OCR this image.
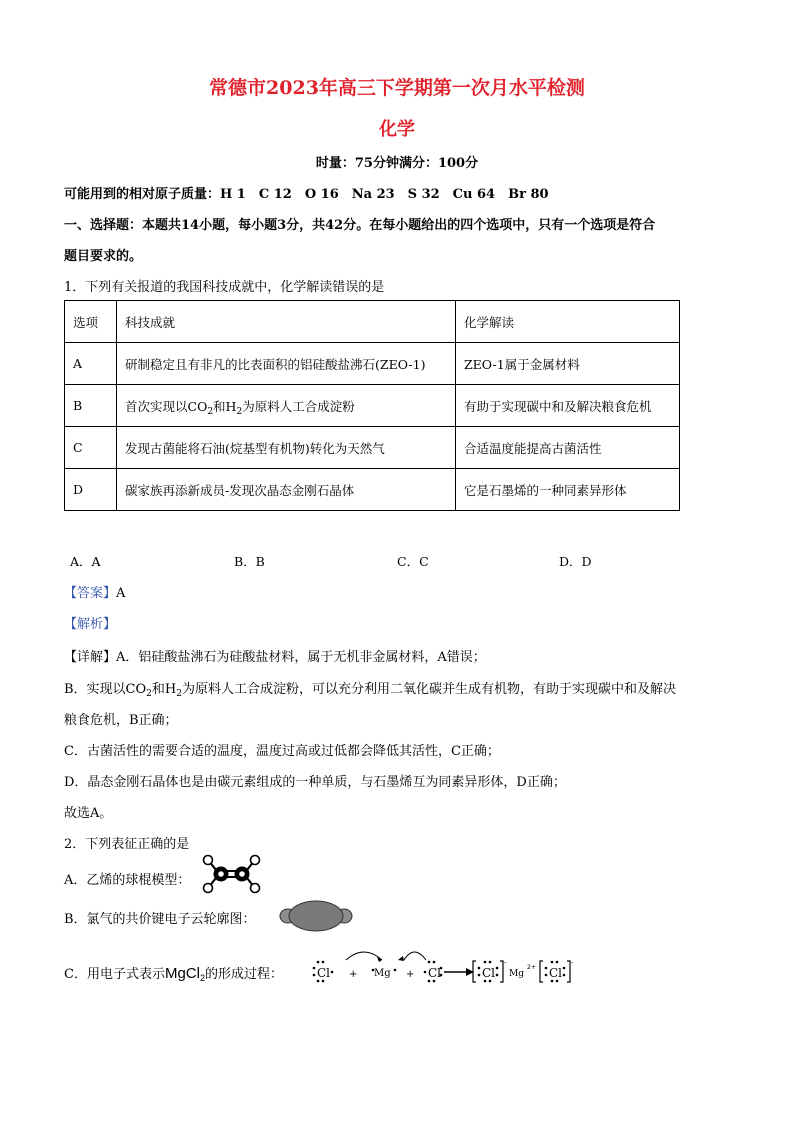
常德市2023年高三下学期第一次月水平检测
化学
时量：75分钟满分：100分
可能用到的相对原子质量：H 1　C 12　O 16　Na 23　S 32　Cu 64　Br 80
一、选择题：本题共14小题，每小题3分，共42分。在每小题给出的四个选项中，只有一个选项是符合
题目要求的。
1．下列有关报道的我国科技成就中，化学解读错误的是
选项	科技成就	化学解读
A	研制稳定且有非凡的比表面积的铝硅酸盐沸石(ZEO-1)	ZEO-1属于金属材料
B	首次实现以$CO_2$和$H_2$为原料人工合成淀粉	有助于实现碳中和及解决粮食危机
C	发现古菌能将石油(烷基型有机物)转化为天然气	合适温度能提高古菌活性
D	碳家族再添新成员-发现次晶态金刚石晶体	它是石墨烯的一种同素异形体
A．A	B．B	C．C	D．D
【答案】A
【解析】
【详解】A．铝硅酸盐沸石为硅酸盐材料，属于无机非金属材料，A错误；
B．实现以$CO_2$和$H_2$为原料人工合成淀粉，可以充分利用二氧化碳并生成有机物，有助于实现碳中和及解决
粮食危机，B正确；
C．古菌活性的需要合适的温度，温度过高或过低都会降低其活性，C正确；
D．晶态金刚石晶体也是由碳元素组成的一种单质，与石墨烯互为同素异形体，D正确；
故选A。
2．下列表征正确的是
A．乙烯的球棍模型：
B．氯气的共价键电子云轮廓图：
C．用电子式表示MgCl$_2$的形成过程：	Cl + Mg + Cl	Cl
-
Mg
2+ Cl
-
